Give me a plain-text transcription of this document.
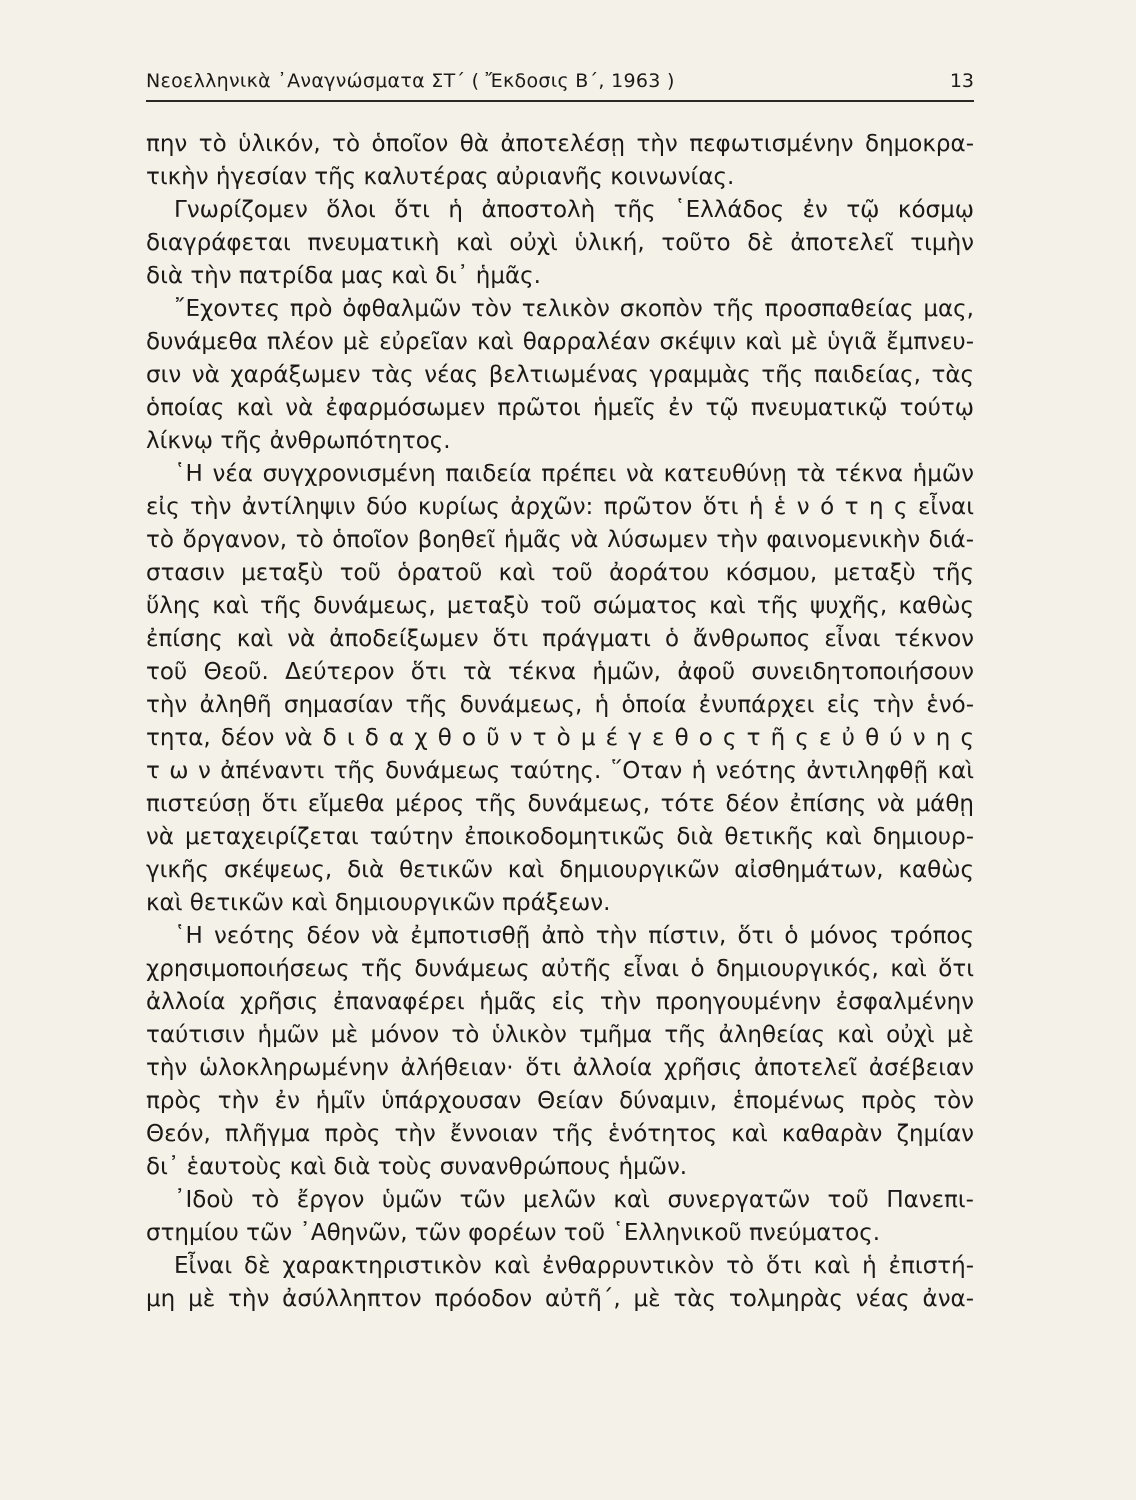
Νεοελληνικὰ ᾿Αναγνώσματα ΣΤ΄ ( Ἔκδοσις Β΄, 1963 )	13
πην τὸ ὑλικόν, τὸ ὁποῖον θὰ ἀποτελέσῃ τὴν πεφωτισμένην δημοκρα-
τικὴν ἡγεσίαν τῆς καλυτέρας αὐριανῆς κοινωνίας.
Γνωρίζομεν ὅλοι ὅτι ἡ ἀποστολὴ τῆς ῾Ελλάδος ἐν τῷ κόσμῳ
διαγράφεται πνευματικὴ καὶ οὐχὶ ὑλική, τοῦτο δὲ ἀποτελεῖ τιμὴν
διὰ τὴν πατρίδα μας καὶ δι᾿ ἡμᾶς.
῎Εχοντες πρὸ ὀφθαλμῶν τὸν τελικὸν σκοπὸν τῆς προσπαθείας μας,
δυνάμεθα πλέον μὲ εὐρεῖαν καὶ θαρραλέαν σκέψιν καὶ μὲ ὑγιᾶ ἔμπνευ-
σιν νὰ χαράξωμεν τὰς νέας βελτιωμένας γραμμὰς τῆς παιδείας, τὰς
ὁποίας καὶ νὰ ἐφαρμόσωμεν πρῶτοι ἡμεῖς ἐν τῷ πνευματικῷ τούτῳ
λίκνῳ τῆς ἀνθρωπότητος.
῾Η νέα συγχρονισμένη παιδεία πρέπει νὰ κατευθύνῃ τὰ τέκνα ἡμῶν
εἰς τὴν ἀντίληψιν δύο κυρίως ἀρχῶν: πρῶτον ὅτι ἡ ἑ ν ό τ η ς εἶναι
τὸ ὄργανον, τὸ ὁποῖον βοηθεῖ ἡμᾶς νὰ λύσωμεν τὴν φαινομενικὴν διά-
στασιν μεταξὺ τοῦ ὁρατοῦ καὶ τοῦ ἀοράτου κόσμου, μεταξὺ τῆς
ὕλης καὶ τῆς δυνάμεως, μεταξὺ τοῦ σώματος καὶ τῆς ψυχῆς, καθὼς
ἐπίσης καὶ νὰ ἀποδείξωμεν ὅτι πράγματι ὁ ἄνθρωπος εἶναι τέκνον
τοῦ Θεοῦ. Δεύτερον ὅτι τὰ τέκνα ἡμῶν, ἀφοῦ συνειδητοποιήσουν
τὴν ἀληθῆ σημασίαν τῆς δυνάμεως, ἡ ὁποία ἐνυπάρχει εἰς τὴν ἑνό-
τητα, δέον νὰ δ ι δ α χ θ ο ῦ ν τ ὸ μ έ γ ε θ ο ς τ ῆ ς ε ὐ θ ύ ν η ς
τ ω ν ἀπέναντι τῆς δυνάμεως ταύτης. ῞Οταν ἡ νεότης ἀντιληφθῇ καὶ
πιστεύσῃ ὅτι εἴμεθα μέρος τῆς δυνάμεως, τότε δέον ἐπίσης νὰ μάθῃ
νὰ μεταχειρίζεται ταύτην ἐποικοδομητικῶς διὰ θετικῆς καὶ δημιουρ-
γικῆς σκέψεως, διὰ θετικῶν καὶ δημιουργικῶν αἰσθημάτων, καθὼς
καὶ θετικῶν καὶ δημιουργικῶν πράξεων.
῾Η νεότης δέον νὰ ἐμποτισθῇ ἀπὸ τὴν πίστιν, ὅτι ὁ μόνος τρόπος
χρησιμοποιήσεως τῆς δυνάμεως αὐτῆς εἶναι ὁ δημιουργικός, καὶ ὅτι
ἀλλοία χρῆσις ἐπαναφέρει ἡμᾶς εἰς τὴν προηγουμένην ἐσφαλμένην
ταύτισιν ἡμῶν μὲ μόνον τὸ ὑλικὸν τμῆμα τῆς ἀληθείας καὶ οὐχὶ μὲ
τὴν ὡλοκληρωμένην ἀλήθειαν· ὅτι ἀλλοία χρῆσις ἀποτελεῖ ἀσέβειαν
πρὸς τὴν ἐν ἡμῖν ὑπάρχουσαν Θείαν δύναμιν, ἑπομένως πρὸς τὸν
Θεόν, πλῆγμα πρὸς τὴν ἔννοιαν τῆς ἑνότητος καὶ καθαρὰν ζημίαν
δι᾿ ἑαυτοὺς καὶ διὰ τοὺς συνανθρώπους ἡμῶν.
᾿Ιδοὺ τὸ ἔργον ὑμῶν τῶν μελῶν καὶ συνεργατῶν τοῦ Πανεπι-
στημίου τῶν ᾿Αθηνῶν, τῶν φορέων τοῦ ῾Ελληνικοῦ πνεύματος.
Εἶναι δὲ χαρακτηριστικὸν καὶ ἐνθαρρυντικὸν τὸ ὅτι καὶ ἡ ἐπιστή-
μη μὲ τὴν ἀσύλληπτον πρόοδον αὐτῆ΄, μὲ τὰς τολμηρὰς νέας ἀνα-
